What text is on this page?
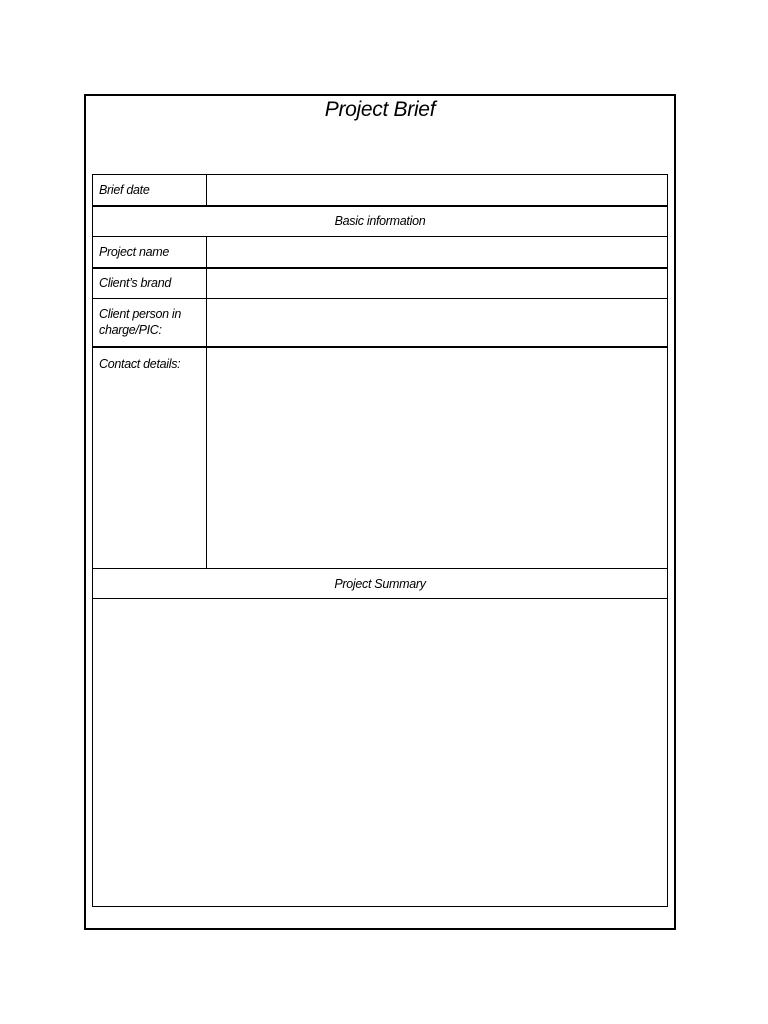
Project Brief
Brief date	
Basic information	
Project name	
Client’s brand	
Client person in charge/PIC:	
Contact details:	
Project Summary	
